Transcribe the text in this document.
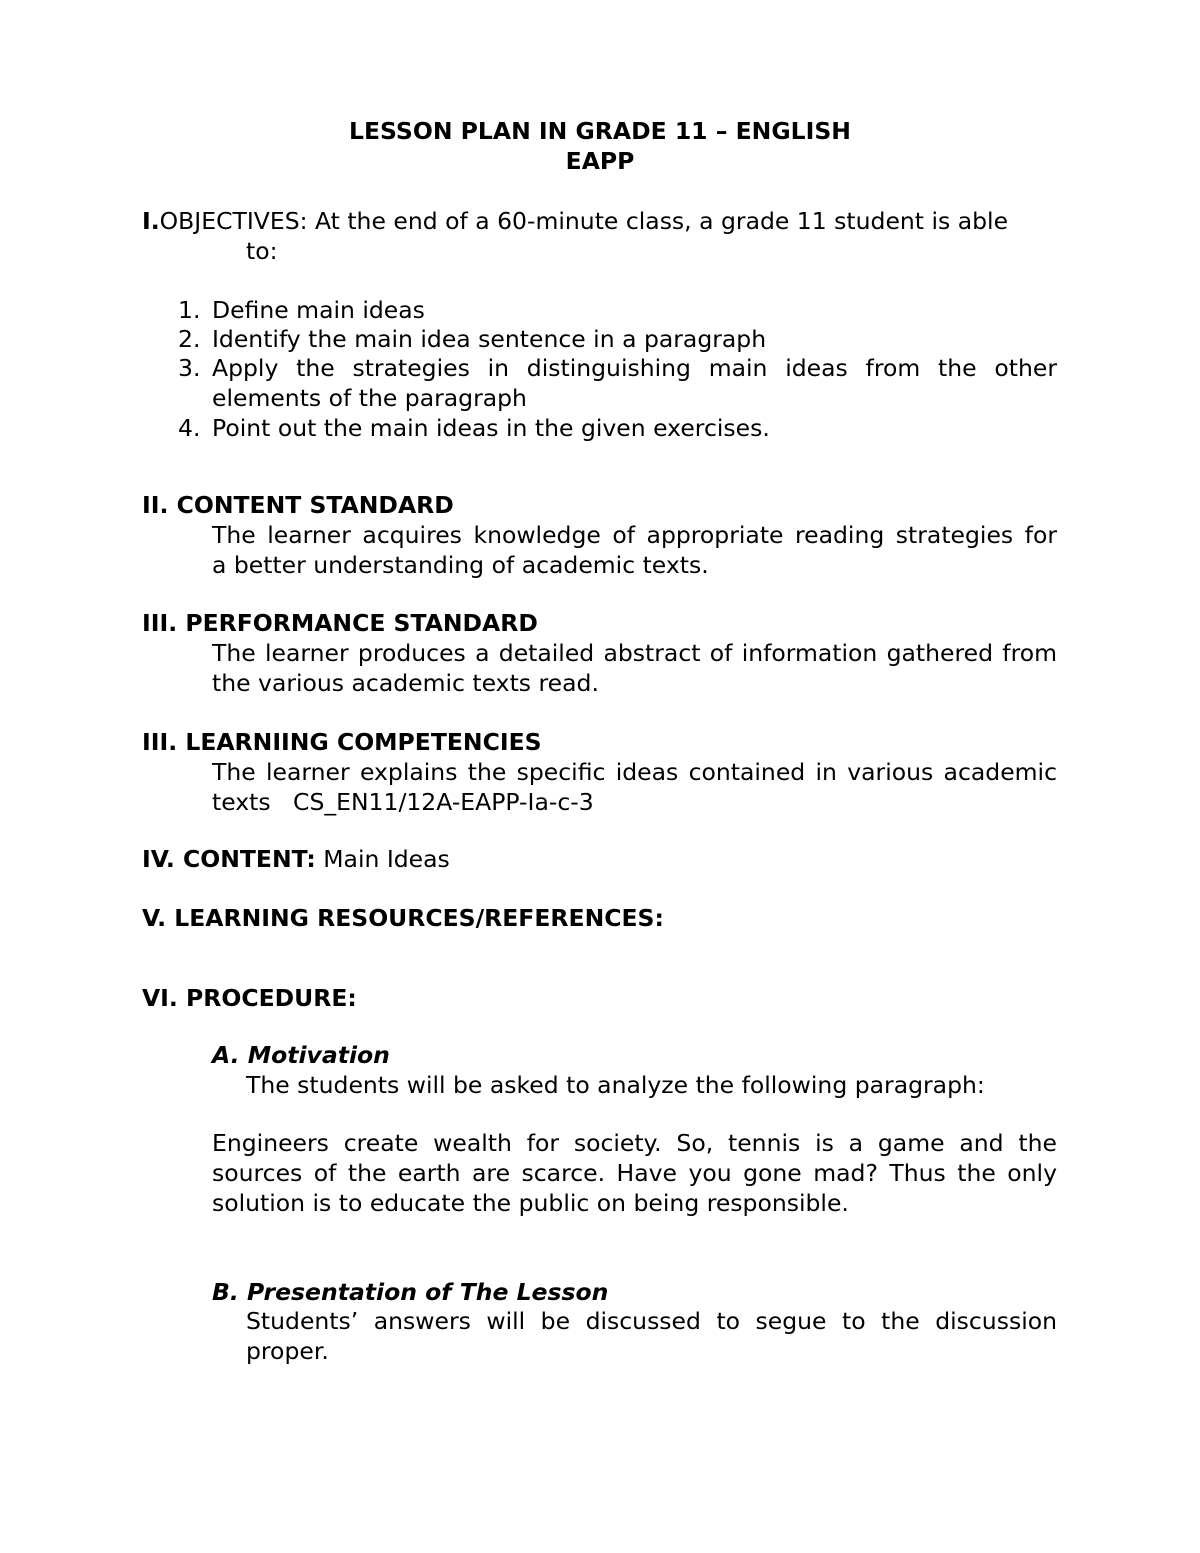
LESSON PLAN IN GRADE 11 – ENGLISH
EAPP
I.OBJECTIVES: At the end of a 60-minute class, a grade 11 student is able
to:
1. Define main ideas
2. Identify the main idea sentence in a paragraph
3. Apply the strategies in distinguishing main ideas from the other
elements of the paragraph
4. Point out the main ideas in the given exercises.
II. CONTENT STANDARD
The learner acquires knowledge of appropriate reading strategies for
a better understanding of academic texts.
III. PERFORMANCE STANDARD
The learner produces a detailed abstract of information gathered from
the various academic texts read.
III. LEARNIING COMPETENCIES
The learner explains the specific ideas contained in various academic
texts   CS_EN11/12A-EAPP-Ia-c-3
IV. CONTENT: Main Ideas
V. LEARNING RESOURCES/REFERENCES:
VI. PROCEDURE:
A. Motivation
The students will be asked to analyze the following paragraph:
Engineers create wealth for society. So, tennis is a game and the
sources of the earth are scarce. Have you gone mad? Thus the only
solution is to educate the public on being responsible.
B. Presentation of The Lesson
Students’ answers will be discussed to segue to the discussion
proper.
